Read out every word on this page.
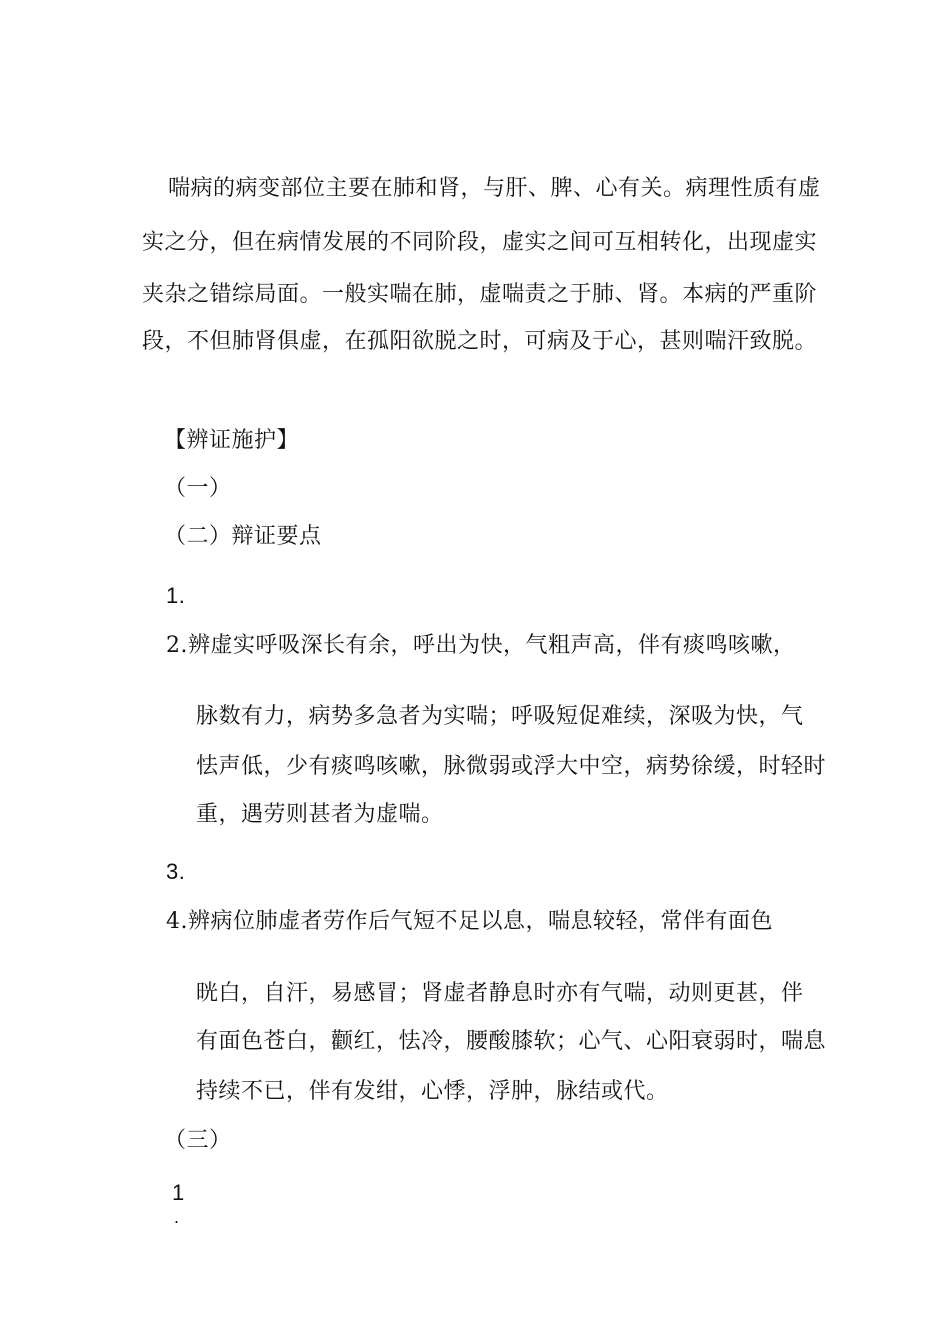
喘病的病变部位主要在肺和肾，与肝、脾、心有关。病理性质有虚
实之分，但在病情发展的不同阶段，虚实之间可互相转化，出现虚实
夹杂之错综局面。一般实喘在肺，虚喘责之于肺、肾。本病的严重阶
段，不但肺肾俱虚，在孤阳欲脱之时，可病及于心，甚则喘汗致脱。
【辨证施护】
（一）
（二）辩证要点
1.
2.辨虚实呼吸深长有余，呼出为快，气粗声高，伴有痰鸣咳嗽，
脉数有力，病势多急者为实喘；呼吸短促难续，深吸为快，气
怯声低，少有痰鸣咳嗽，脉微弱或浮大中空，病势徐缓，时轻时
重，遇劳则甚者为虚喘。
3.
4.辨病位肺虚者劳作后气短不足以息，喘息较轻，常伴有面色
晄白，自汗，易感冒；肾虚者静息时亦有气喘，动则更甚，伴
有面色苍白，颧红，怯冷，腰酸膝软；心气、心阳衰弱时，喘息
持续不已，伴有发绀，心悸，浮肿，脉结或代。
（三）
1
.
